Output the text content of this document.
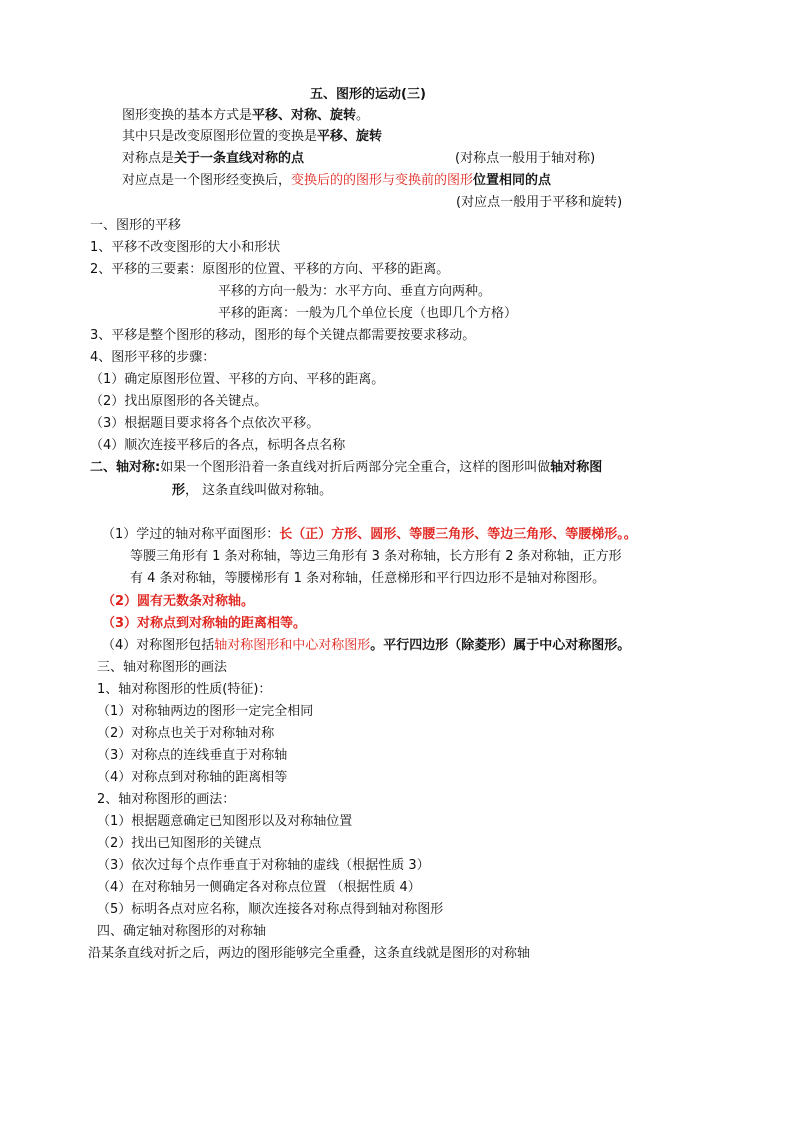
五、图形的运动(三)
图形变换的基本方式是平移、对称、旋转。
其中只是改变原图形位置的变换是平移、旋转
对称点是关于一条直线对称的点	(对称点一般用于轴对称)
对应点是一个图形经变换后，变换后的的图形与变换前的图形位置相同的点
(对应点一般用于平移和旋转)
一、图形的平移
1、平移不改变图形的大小和形状
2、平移的三要素：原图形的位置、平移的方向、平移的距离。
平移的方向一般为：水平方向、垂直方向两种。
平移的距离：一般为几个单位长度（也即几个方格）
3、平移是整个图形的移动，图形的每个关键点都需要按要求移动。
4、图形平移的步骤：
（1）确定原图形位置、平移的方向、平移的距离。
（2）找出原图形的各关键点。
（3）根据题目要求将各个点依次平移。
（4）顺次连接平移后的各点，标明各点名称
二、轴对称:如果一个图形沿着一条直线对折后两部分完全重合，这样的图形叫做轴对称图
形， 这条直线叫做对称轴。
（1）学过的轴对称平面图形：长（正）方形、圆形、等腰三角形、等边三角形、等腰梯形。。
等腰三角形有 1 条对称轴，等边三角形有 3 条对称轴，长方形有 2 条对称轴，正方形
有 4 条对称轴，等腰梯形有 1 条对称轴，任意梯形和平行四边形不是轴对称图形。
（2）圆有无数条对称轴。
（3）对称点到对称轴的距离相等。
（4）对称图形包括轴对称图形和中心对称图形。平行四边形（除菱形）属于中心对称图形。
三、轴对称图形的画法
1、轴对称图形的性质(特征)：
（1）对称轴两边的图形一定完全相同
（2）对称点也关于对称轴对称
（3）对称点的连线垂直于对称轴
（4）对称点到对称轴的距离相等
2、轴对称图形的画法：
（1）根据题意确定已知图形以及对称轴位置
（2）找出已知图形的关键点
（3）依次过每个点作垂直于对称轴的虚线（根据性质 3）
（4）在对称轴另一侧确定各对称点位置 （根据性质 4）
（5）标明各点对应名称，顺次连接各对称点得到轴对称图形
四、确定轴对称图形的对称轴
沿某条直线对折之后，两边的图形能够完全重叠，这条直线就是图形的对称轴
